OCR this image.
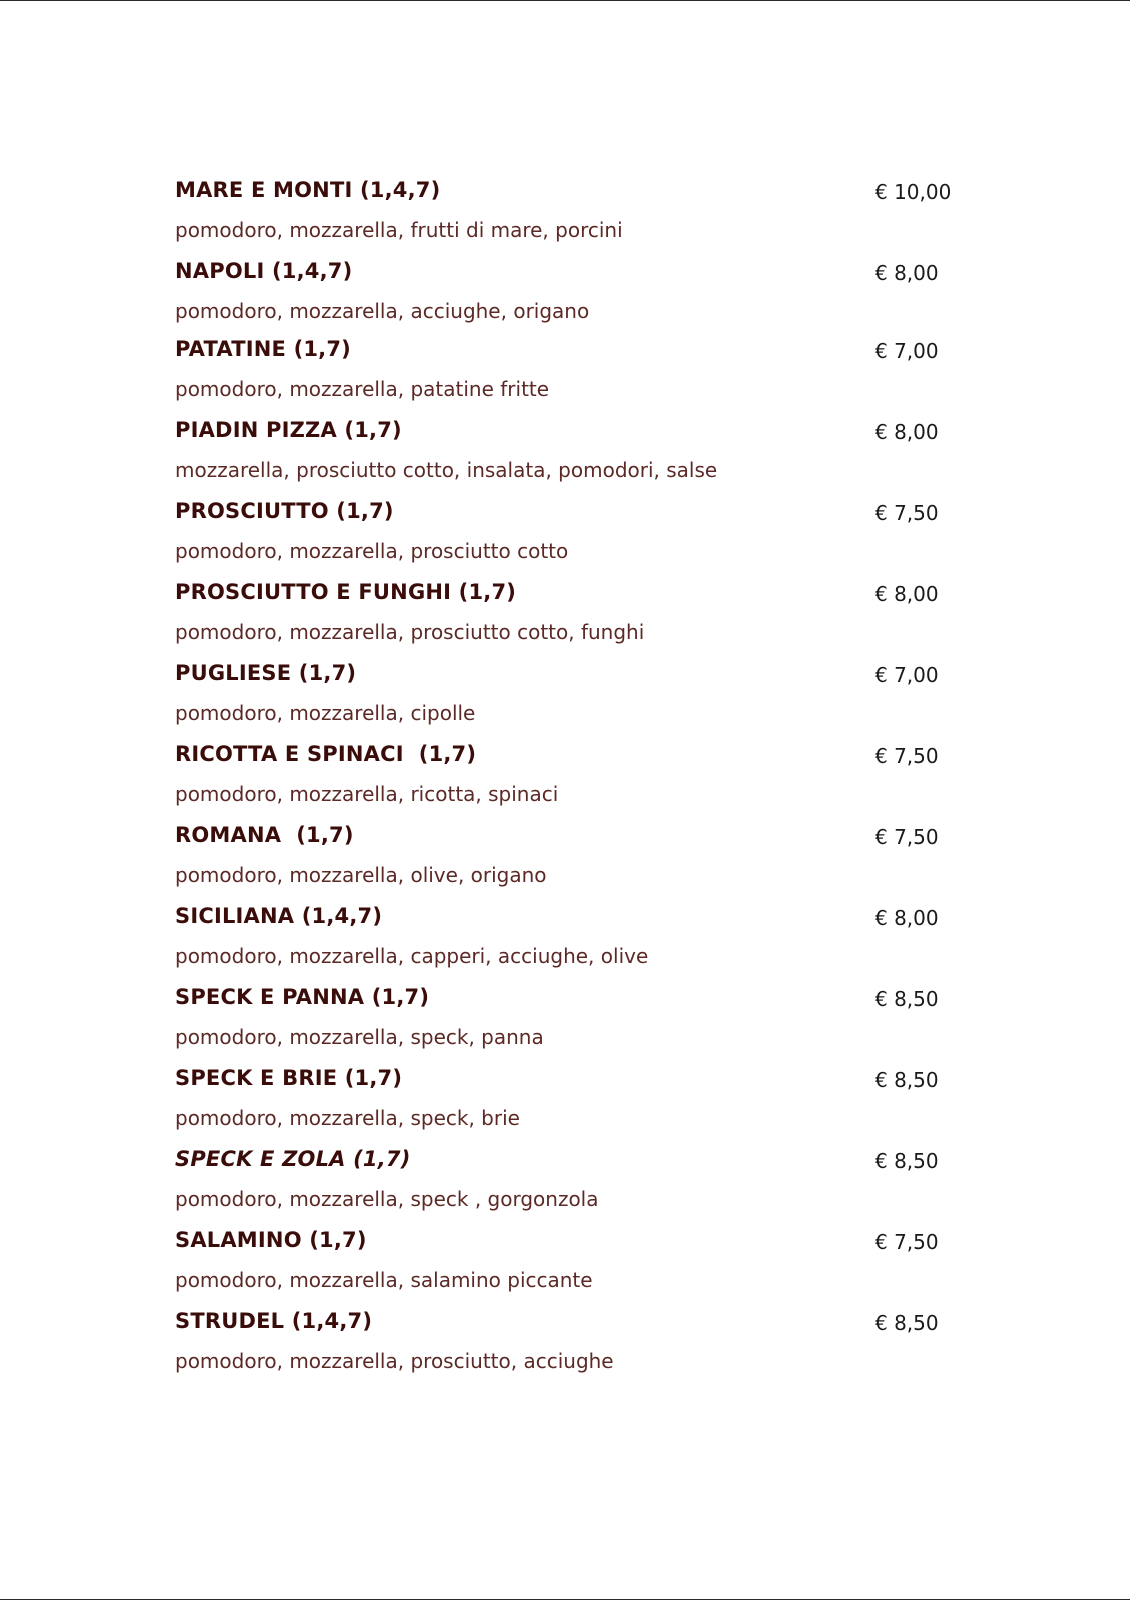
MARE E MONTI (1,4,7)	€ 10,00
pomodoro, mozzarella, frutti di mare, porcini
NAPOLI (1,4,7)	€ 8,00
pomodoro, mozzarella, acciughe, origano
PATATINE (1,7)	€ 7,00
pomodoro, mozzarella, patatine fritte
PIADIN PIZZA (1,7)	€ 8,00
mozzarella, prosciutto cotto, insalata, pomodori, salse
PROSCIUTTO (1,7)	€ 7,50
pomodoro, mozzarella, prosciutto cotto
PROSCIUTTO E FUNGHI (1,7)	€ 8,00
pomodoro, mozzarella, prosciutto cotto, funghi
PUGLIESE (1,7)	€ 7,00
pomodoro, mozzarella, cipolle
RICOTTA E SPINACI  (1,7)	€ 7,50
pomodoro, mozzarella, ricotta, spinaci
ROMANA  (1,7)	€ 7,50
pomodoro, mozzarella, olive, origano
SICILIANA (1,4,7)	€ 8,00
pomodoro, mozzarella, capperi, acciughe, olive
SPECK E PANNA (1,7)	€ 8,50
pomodoro, mozzarella, speck, panna
SPECK E BRIE (1,7)	€ 8,50
pomodoro, mozzarella, speck, brie
SPECK E ZOLA (1,7)	€ 8,50
pomodoro, mozzarella, speck , gorgonzola
SALAMINO (1,7)	€ 7,50
pomodoro, mozzarella, salamino piccante
STRUDEL (1,4,7)	€ 8,50
pomodoro, mozzarella, prosciutto, acciughe
